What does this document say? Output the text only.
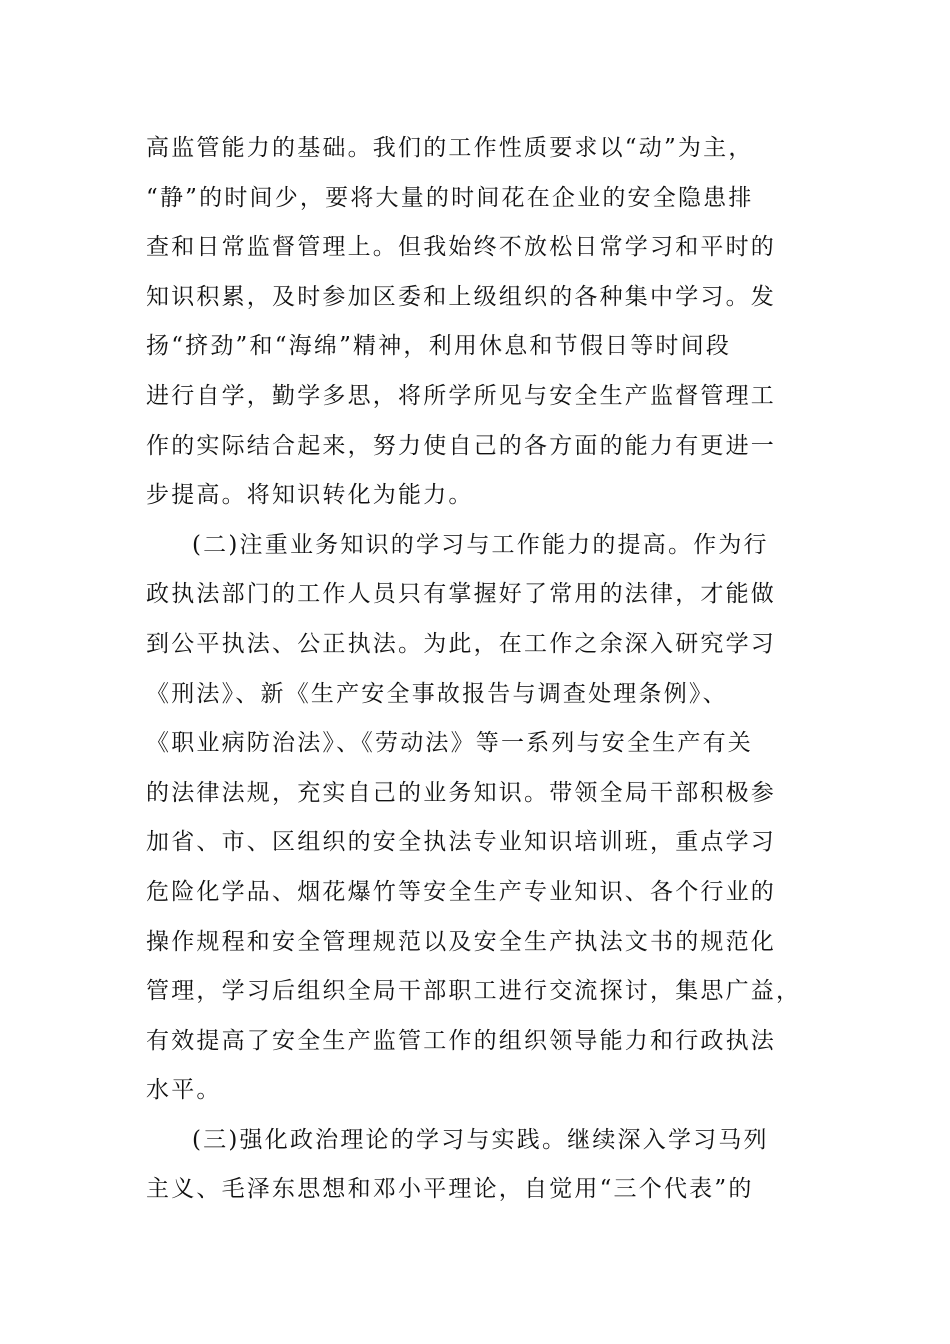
高监管能力的基础。我们的工作性质要求以“动”为主，
“静”的时间少，要将大量的时间花在企业的安全隐患排
查和日常监督管理上。但我始终不放松日常学习和平时的
知识积累，及时参加区委和上级组织的各种集中学习。发
扬“挤劲”和“海绵”精神，利用休息和节假日等时间段
进行自学，勤学多思，将所学所见与安全生产监督管理工
作的实际结合起来，努力使自己的各方面的能力有更进一
步提高。将知识转化为能力。
(二)注重业务知识的学习与工作能力的提高。作为行
政执法部门的工作人员只有掌握好了常用的法律，才能做
到公平执法、公正执法。为此，在工作之余深入研究学习
《刑法》、新《生产安全事故报告与调查处理条例》、
《职业病防治法》、《劳动法》等一系列与安全生产有关
的法律法规，充实自己的业务知识。带领全局干部积极参
加省、市、区组织的安全执法专业知识培训班，重点学习
危险化学品、烟花爆竹等安全生产专业知识、各个行业的
操作规程和安全管理规范以及安全生产执法文书的规范化
管理，学习后组织全局干部职工进行交流探讨，集思广益，
有效提高了安全生产监管工作的组织领导能力和行政执法
水平。
(三)强化政治理论的学习与实践。继续深入学习马列
主义、毛泽东思想和邓小平理论，自觉用“三个代表”的
